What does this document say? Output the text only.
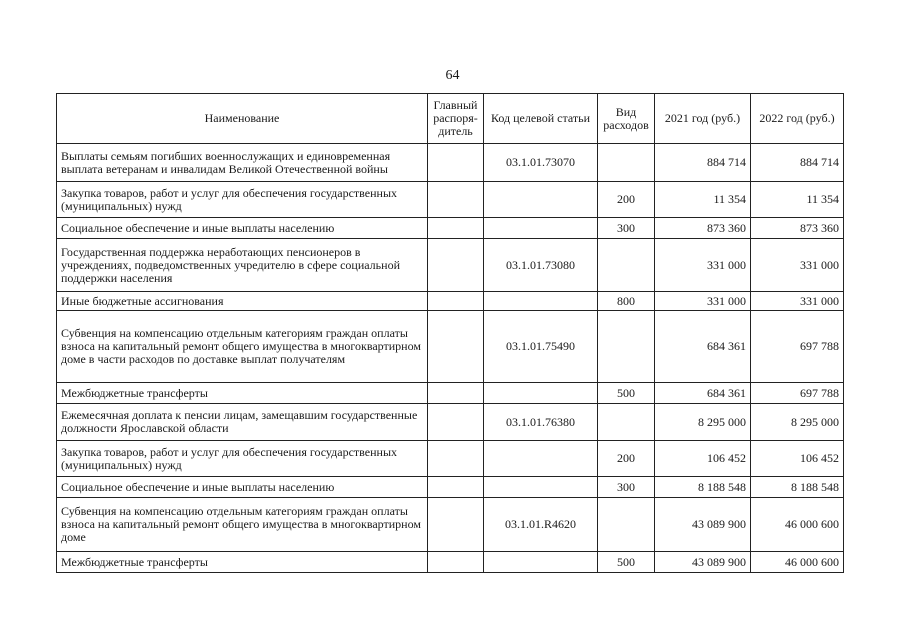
64
Наименование	Главный распоря-дитель	Код целевой статьи	Вид расходов	2021 год (руб.)	2022 год (руб.)
Выплаты семьям погибших военнослужащих и единовременная выплата ветеранам и инвалидам Великой Отечественной войны		03.1.01.73070		884 714	884 714
Закупка товаров, работ и услуг для обеспечения государственных (муниципальных) нужд			200	11 354	11 354
Социальное обеспечение и иные выплаты населению			300	873 360	873 360
Государственная поддержка неработающих пенсионеров в учреждениях, подведомственных учредителю в сфере социальной поддержки населения		03.1.01.73080		331 000	331 000
Иные бюджетные ассигнования			800	331 000	331 000
Субвенция на компенсацию отдельным категориям граждан оплаты взноса на капитальный ремонт общего имущества в многоквартирном доме в части расходов по доставке выплат получателям		03.1.01.75490		684 361	697 788
Межбюджетные трансферты			500	684 361	697 788
Ежемесячная доплата к пенсии лицам, замещавшим государственные должности Ярославской области		03.1.01.76380		8 295 000	8 295 000
Закупка товаров, работ и услуг для обеспечения государственных (муниципальных) нужд			200	106 452	106 452
Социальное обеспечение и иные выплаты населению			300	8 188 548	8 188 548
Субвенция на компенсацию отдельным категориям граждан оплаты взноса на капитальный ремонт общего имущества в многоквартирном доме		03.1.01.R4620		43 089 900	46 000 600
Межбюджетные трансферты			500	43 089 900	46 000 600
